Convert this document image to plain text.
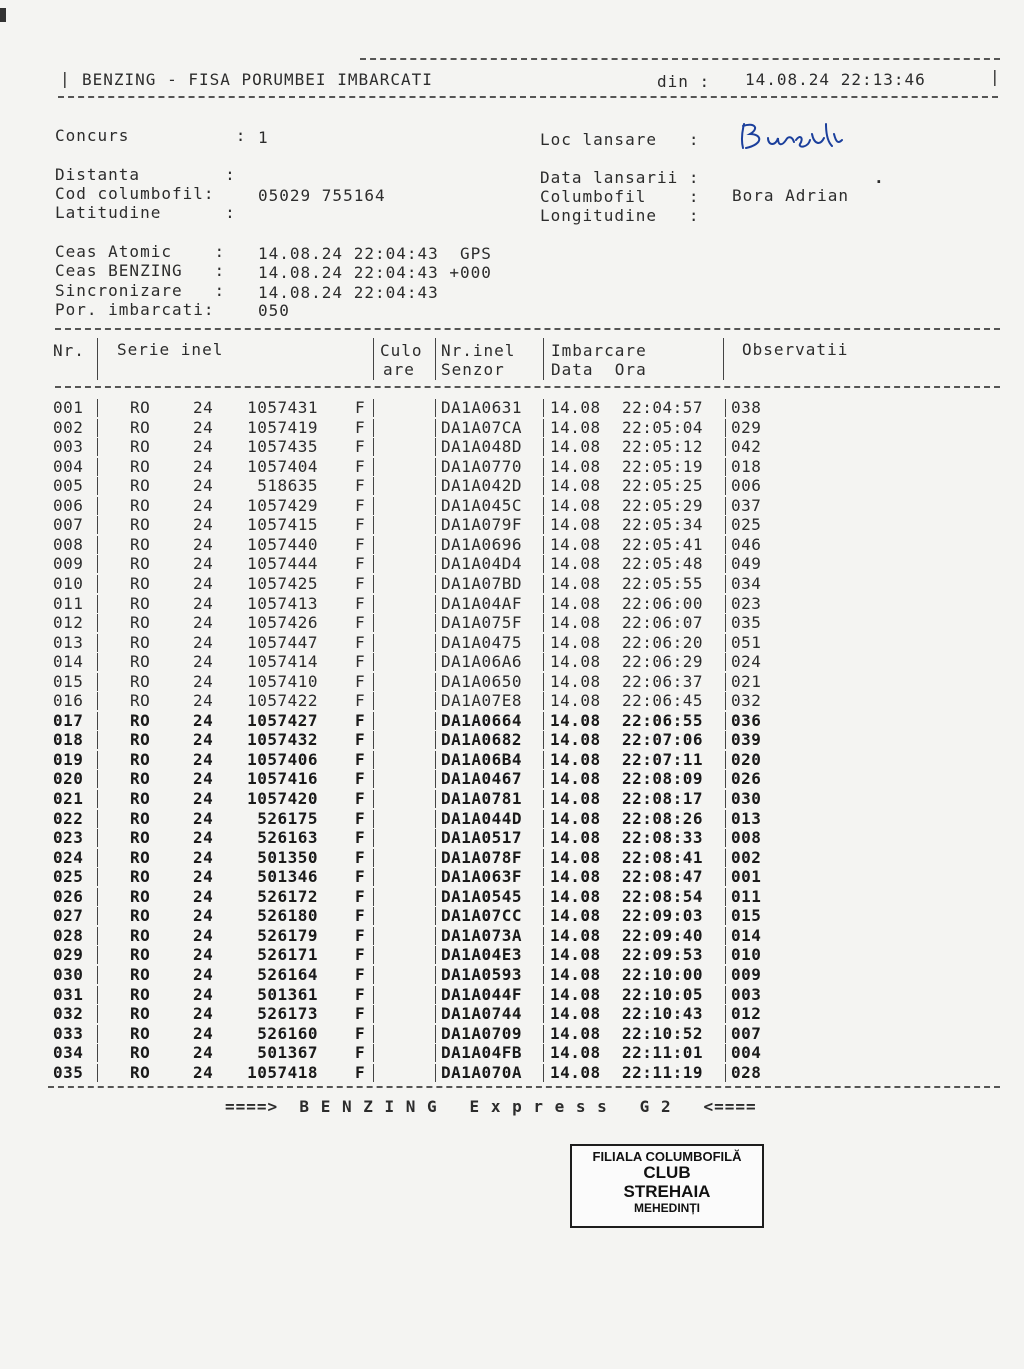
| BENZING - FISA PORUMBEI IMBARCATI	din : 14.08.24 22:13:46	|
Concurs          : 1	Loc lansare   :
Distanta        :	Data lansarii :
Cod columbofil:	05029 755164	Columbofil    : Bora Adrian
·
Latitudine      :	Longitudine   :
Ceas Atomic    : 14.08.24 22:04:43  GPS
Ceas BENZING   : 14.08.24 22:04:43 +000
Sincronizare   : 14.08.24 22:04:43
Por. imbarcati:	050
Nr. Serie inel	Culo
are
Nr.inel
Senzor
Imbarcare
Data  Ora
Observatii
001	RO	24	1057431 F	DA1A0631 14.08 22:04:57 038
002	RO	24	1057419 F	DA1A07CA 14.08 22:05:04 029
003	RO	24	1057435 F	DA1A048D 14.08 22:05:12 042
004	RO	24	1057404 F	DA1A0770 14.08 22:05:19 018
005	RO	24	518635 F	DA1A042D 14.08 22:05:25 006
006	RO	24	1057429 F	DA1A045C 14.08 22:05:29 037
007	RO	24	1057415 F	DA1A079F 14.08 22:05:34 025
008	RO	24	1057440 F	DA1A0696 14.08 22:05:41 046
009	RO	24	1057444 F	DA1A04D4 14.08 22:05:48 049
010	RO	24	1057425 F	DA1A07BD 14.08 22:05:55 034
011	RO	24	1057413 F	DA1A04AF 14.08 22:06:00 023
012	RO	24	1057426 F	DA1A075F 14.08 22:06:07 035
013	RO	24	1057447 F	DA1A0475 14.08 22:06:20 051
014	RO	24	1057414 F	DA1A06A6 14.08 22:06:29 024
015	RO	24	1057410 F	DA1A0650 14.08 22:06:37 021
016	RO	24	1057422 F	DA1A07E8 14.08 22:06:45 032
017	RO	24	1057427 F	DA1A0664 14.08 22:06:55 036
018	RO	24	1057432 F	DA1A0682 14.08 22:07:06 039
019	RO	24	1057406 F	DA1A06B4 14.08 22:07:11 020
020	RO	24	1057416 F	DA1A0467 14.08 22:08:09 026
021	RO	24	1057420 F	DA1A0781 14.08 22:08:17 030
022	RO	24	526175 F	DA1A044D 14.08 22:08:26 013
023	RO	24	526163 F	DA1A0517 14.08 22:08:33 008
024	RO	24	501350 F	DA1A078F 14.08 22:08:41 002
025	RO	24	501346 F	DA1A063F 14.08 22:08:47 001
026	RO	24	526172 F	DA1A0545 14.08 22:08:54 011
027	RO	24	526180 F	DA1A07CC 14.08 22:09:03 015
028	RO	24	526179 F	DA1A073A 14.08 22:09:40 014
029	RO	24	526171 F	DA1A04E3 14.08 22:09:53 010
030	RO	24	526164 F	DA1A0593 14.08 22:10:00 009
031	RO	24	501361 F	DA1A044F 14.08 22:10:05 003
032	RO	24	526173 F	DA1A0744 14.08 22:10:43 012
033	RO	24	526160 F	DA1A0709 14.08 22:10:52 007
034	RO	24	501367 F	DA1A04FB 14.08 22:11:01 004
035	RO	24	1057418 F	DA1A070A 14.08 22:11:19 028
====>  B E N Z I N G   E x p r e s s   G 2   <====
FILIALA COLUMBOFILĂ
CLUB
STREHAIA
MEHEDINȚI
